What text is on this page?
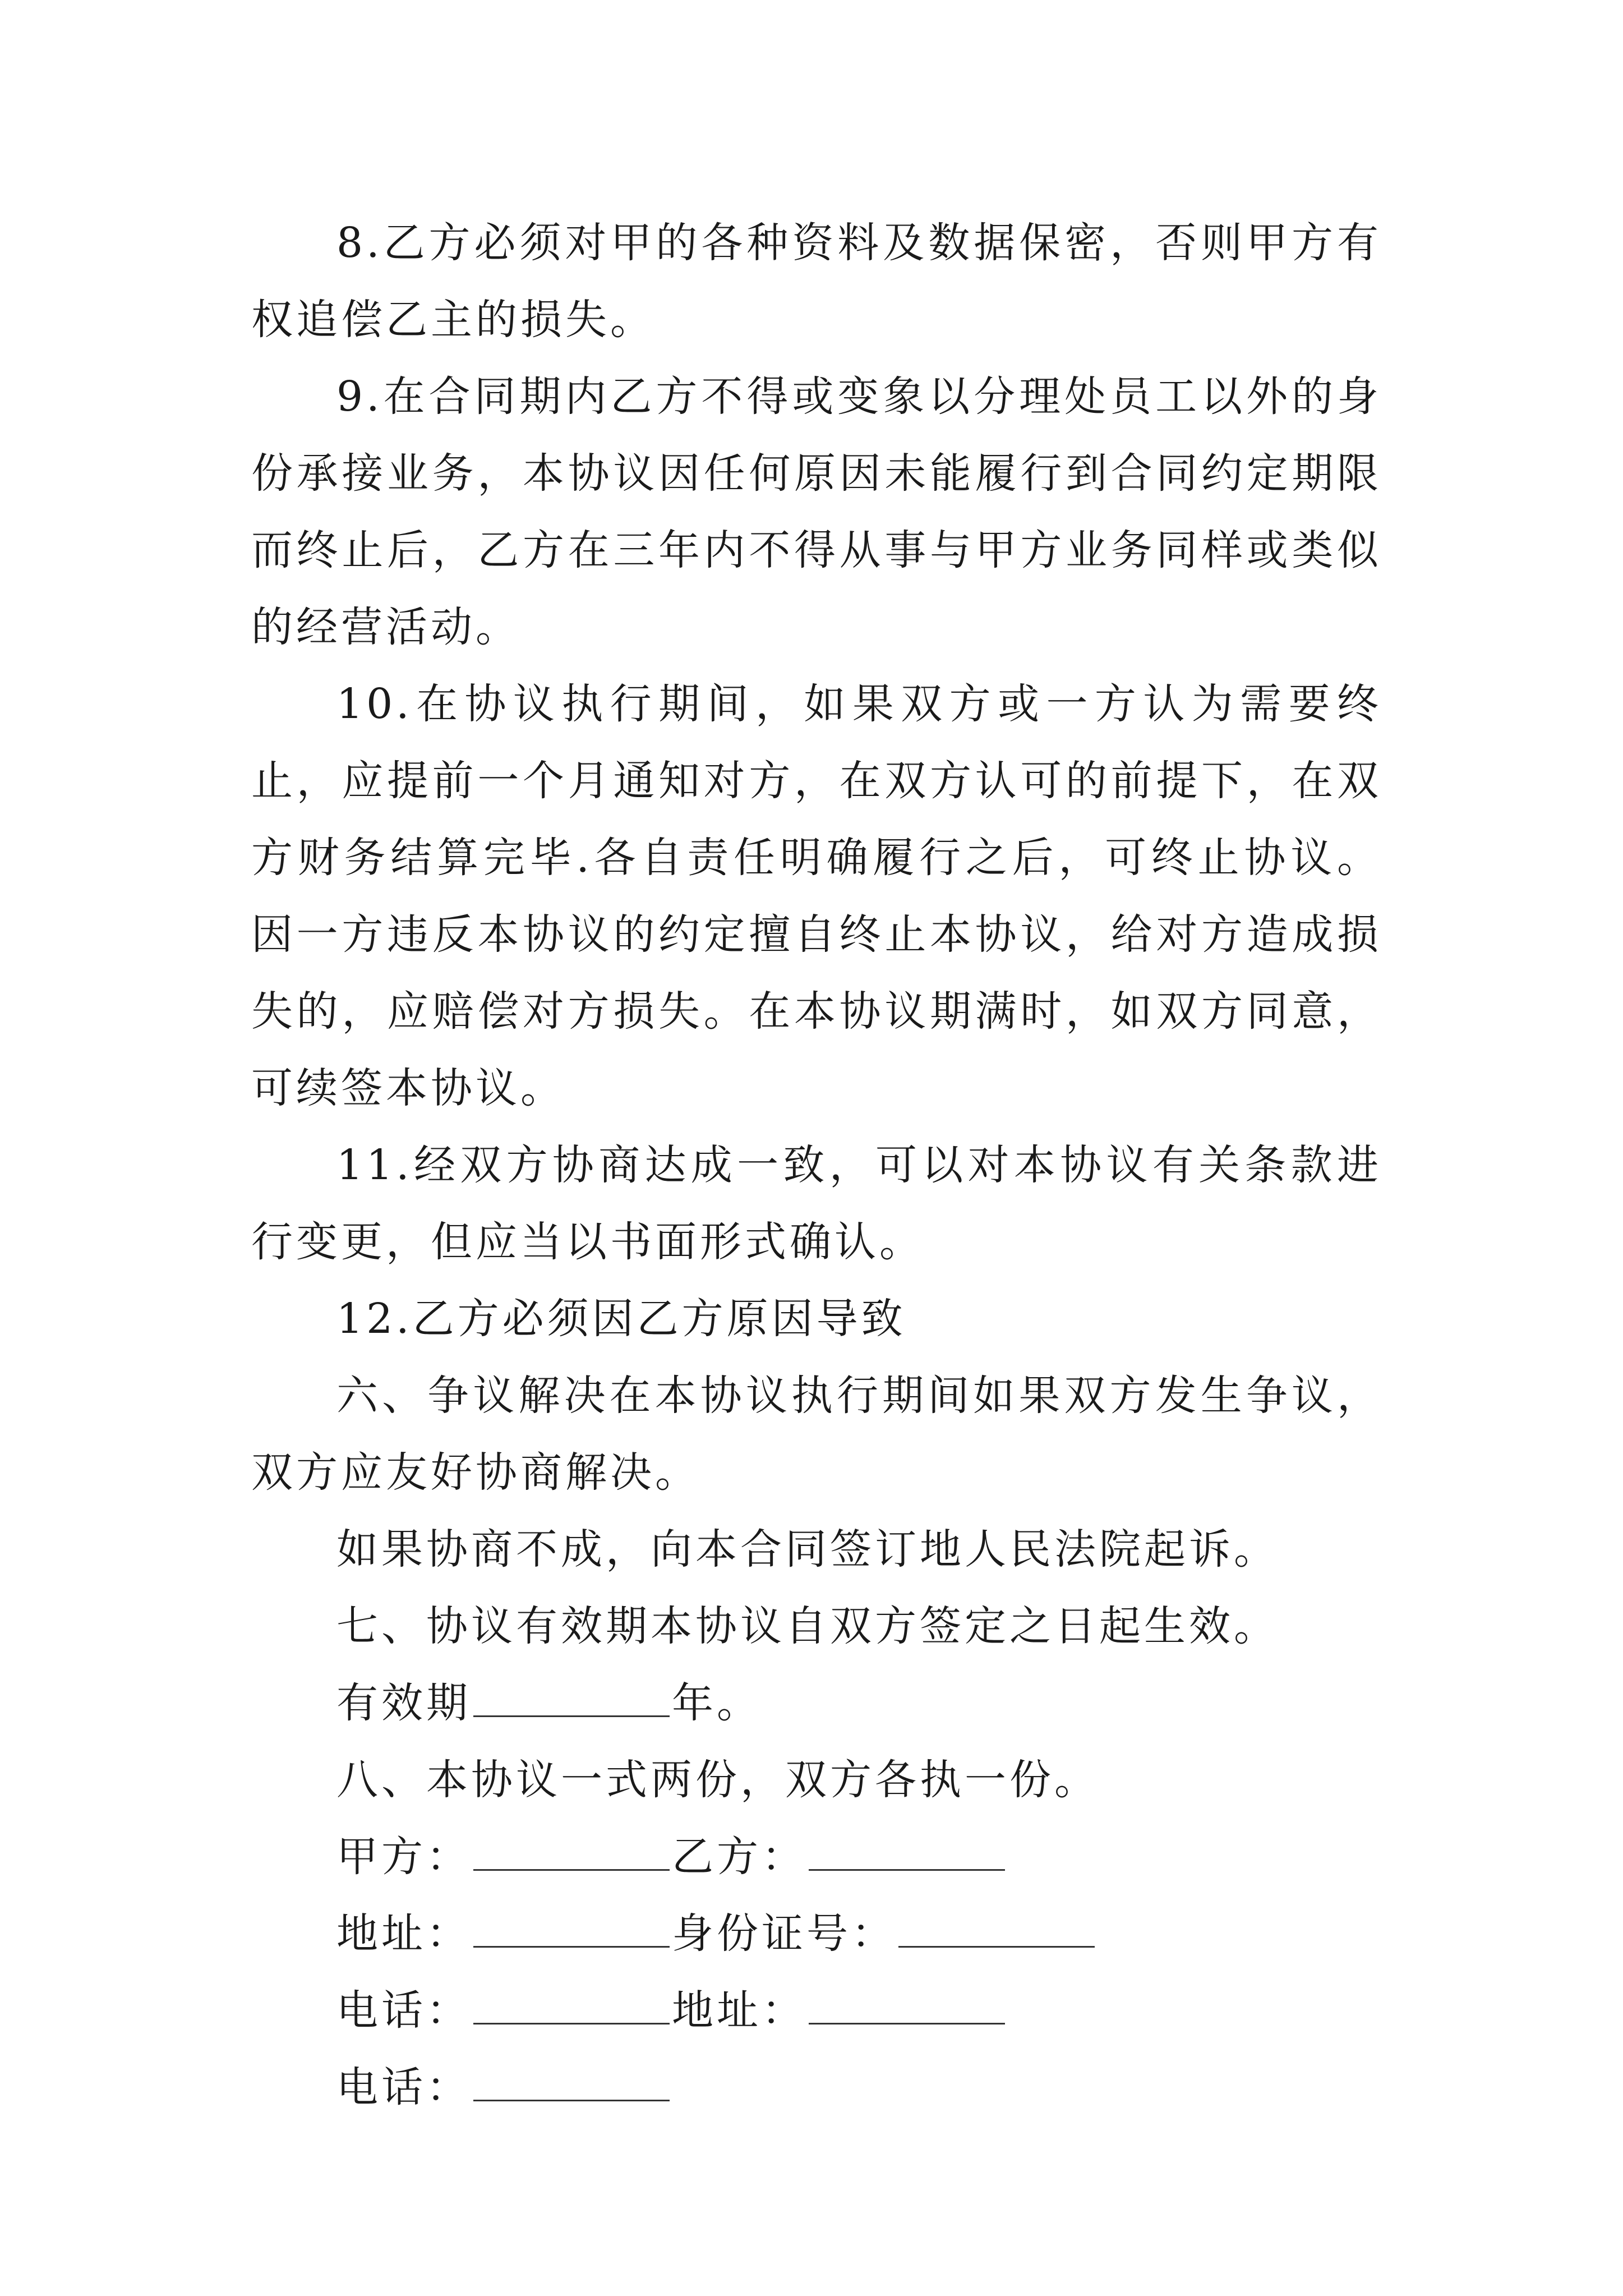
8.乙方必须对甲的各种资料及数据保密，否则甲方有权追偿乙主的损失。

9.在合同期内乙方不得或变象以分理处员工以外的身份承接业务，本协议因任何原因未能履行到合同约定期限而终止后，乙方在三年内不得从事与甲方业务同样或类似的经营活动。

10.在协议执行期间，如果双方或一方认为需要终止，应提前一个月通知对方，在双方认可的前提下，在双方财务结算完毕.各自责任明确履行之后，可终止协议。因一方违反本协议的约定擅自终止本协议，给对方造成损失的，应赔偿对方损失。在本协议期满时，如双方同意，可续签本协议。

11.经双方协商达成一致，可以对本协议有关条款进行变更，但应当以书面形式确认。

12.乙方必须因乙方原因导致

六、争议解决在本协议执行期间如果双方发生争议，双方应友好协商解决。

如果协商不成，向本合同签订地人民法院起诉。

七、协议有效期本协议自双方签定之日起生效。

有效期	年。

八、本协议一式两份，双方各执一份。

甲方：	乙方：

地址：	身份证号：

电话：	地址：

电话：
